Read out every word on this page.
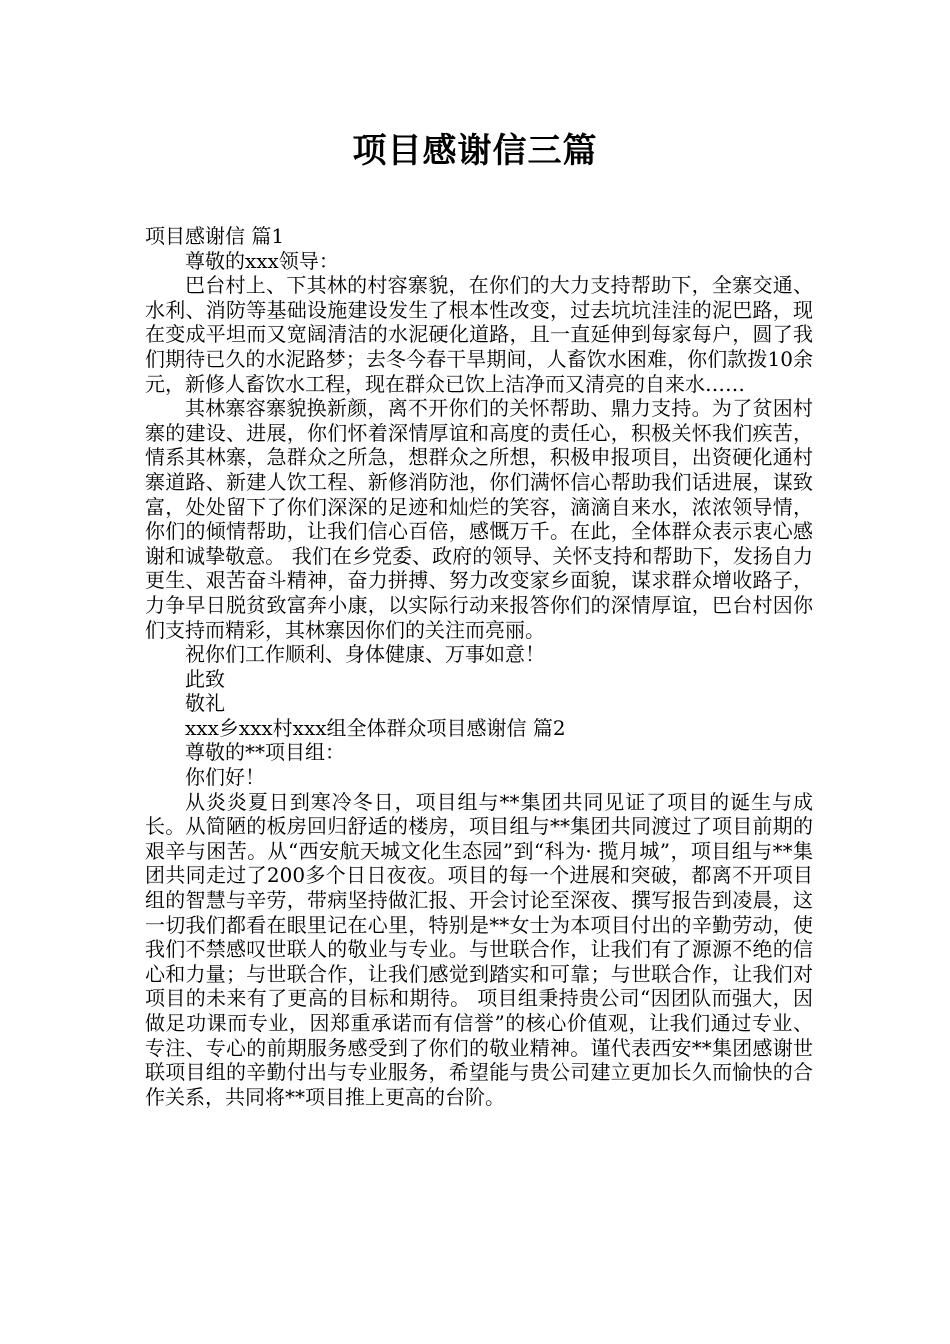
项目感谢信三篇

项目感谢信 篇1

尊敬的xxx领导：

巴台村上、下其林的村容寨貌，在你们的大力支持帮助下，全寨交通、水利、消防等基础设施建设发生了根本性改变，过去坑坑洼洼的泥巴路，现在变成平坦而又宽阔清洁的水泥硬化道路，且一直延伸到每家每户，圆了我们期待已久的水泥路梦；去冬今春干旱期间，人畜饮水困难，你们款拨10余元，新修人畜饮水工程，现在群众已饮上洁净而又清亮的自来水……

其林寨容寨貌换新颜，离不开你们的关怀帮助、鼎力支持。为了贫困村寨的建设、进展，你们怀着深情厚谊和高度的责任心，积极关怀我们疾苦，情系其林寨，急群众之所急，想群众之所想，积极申报项目，出资硬化通村寨道路、新建人饮工程、新修消防池，你们满怀信心帮助我们话进展，谋致富，处处留下了你们深深的足迹和灿烂的笑容，滴滴自来水，浓浓领导情，你们的倾情帮助，让我们信心百倍，感慨万千。在此，全体群众表示衷心感谢和诚挚敬意。 我们在乡党委、政府的领导、关怀支持和帮助下，发扬自力更生、艰苦奋斗精神，奋力拼搏、努力改变家乡面貌，谋求群众增收路子，力争早日脱贫致富奔小康，以实际行动来报答你们的深情厚谊，巴台村因你们支持而精彩，其林寨因你们的关注而亮丽。

祝你们工作顺利、身体健康、万事如意！

此致

敬礼

xxx乡xxx村xxx组全体群众项目感谢信 篇2

尊敬的**项目组：

你们好！

从炎炎夏日到寒冷冬日，项目组与**集团共同见证了项目的诞生与成长。从简陋的板房回归舒适的楼房，项目组与**集团共同渡过了项目前期的艰辛与困苦。从“西安航天城文化生态园”到“科为· 揽月城”，项目组与**集团共同走过了200多个日日夜夜。项目的每一个进展和突破，都离不开项目组的智慧与辛劳，带病坚持做汇报、开会讨论至深夜、撰写报告到凌晨，这一切我们都看在眼里记在心里，特别是**女士为本项目付出的辛勤劳动，使我们不禁感叹世联人的敬业与专业。与世联合作，让我们有了源源不绝的信心和力量；与世联合作，让我们感觉到踏实和可靠；与世联合作，让我们对项目的未来有了更高的目标和期待。 项目组秉持贵公司“因团队而强大，因做足功课而专业，因郑重承诺而有信誉”的核心价值观，让我们通过专业、专注、专心的前期服务感受到了你们的敬业精神。谨代表西安**集团感谢世联项目组的辛勤付出与专业服务，希望能与贵公司建立更加长久而愉快的合作关系，共同将**项目推上更高的台阶。
